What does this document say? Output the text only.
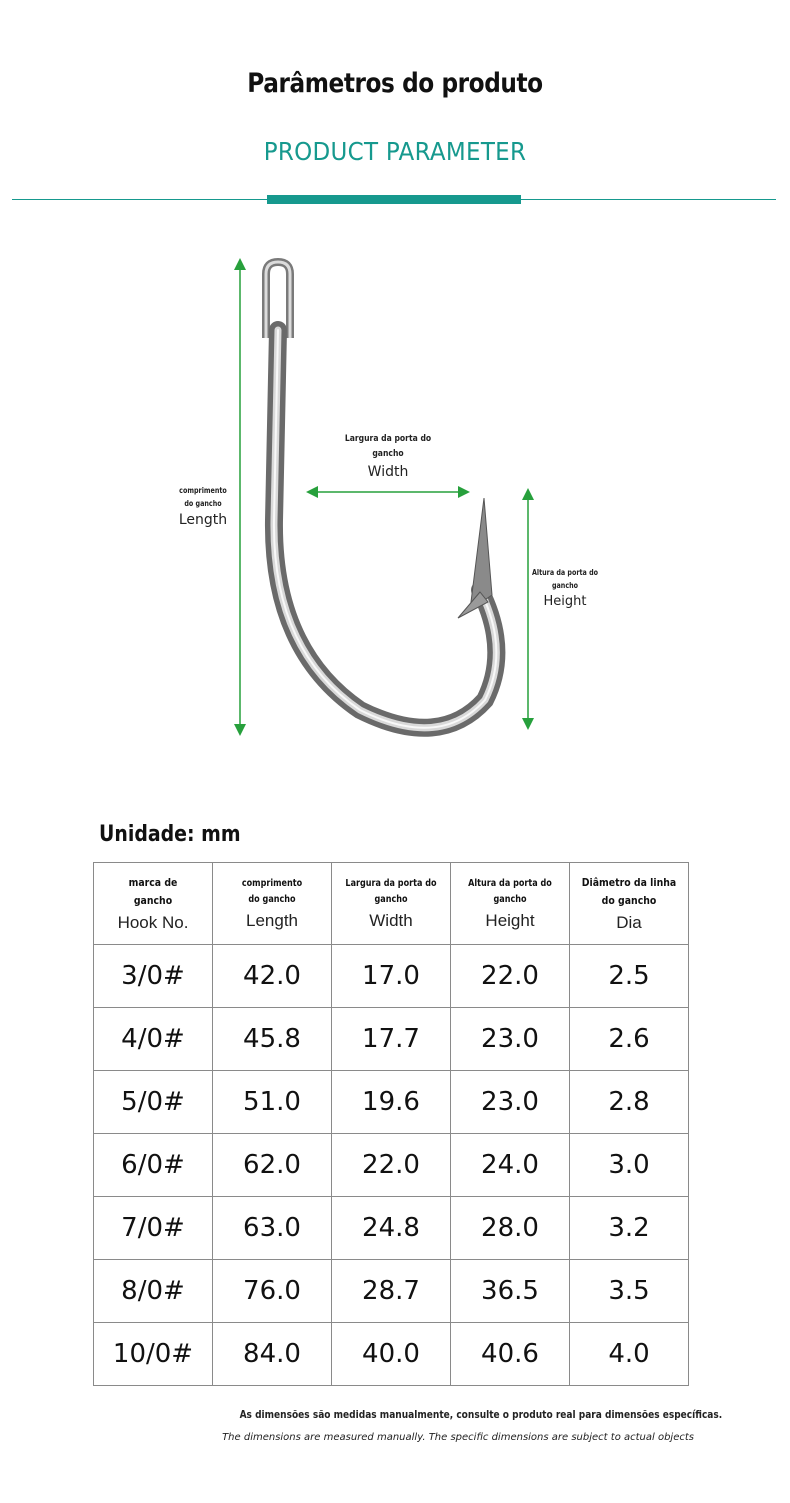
Parâmetros do produto
PRODUCT PARAMETER
comprimento
do gancho
Length
Largura da porta do
gancho
Width
Altura da porta do
gancho
Height
Unidade: mm
marca de
gancho
Hook No.	comprimento
do gancho
Length	Largura da porta do
gancho
Width	Altura da porta do
gancho
Height	Diâmetro da linha
do gancho
Dia

3/0#	42.0	17.0	22.0	2.5
4/0#	45.8	17.7	23.0	2.6
5/0#	51.0	19.6	23.0	2.8
6/0#	62.0	22.0	24.0	3.0
7/0#	63.0	24.8	28.0	3.2
8/0#	76.0	28.7	36.5	3.5
10/0#	84.0	40.0	40.6	4.0
As dimensões são medidas manualmente, consulte o produto real para dimensões específicas.
The dimensions are measured manually. The specific dimensions are subject to actual objects
